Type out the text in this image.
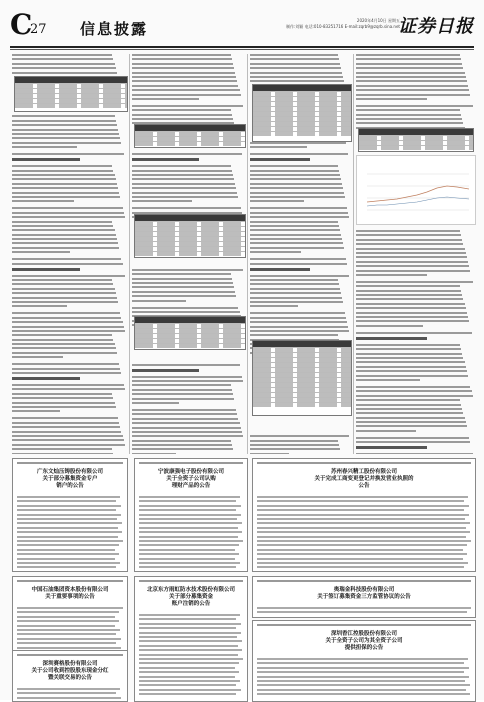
C
27 信息披露	2020年4月10日 星期五
制作:刘颖 电话:010-83251716 E-mail:zqrb9@zqrb.sina.net
证券日报
广东文灿压铸股份有限公司
关于部分募集资金专户
销户的公告
宁波康强电子股份有限公司
关于全资子公司认购
理财产品的公告
苏州春兴精工股份有限公司
关于完成工商变更登记并换发营业执照的
公告
中国石油集团资本股份有限公司
关于重要事项的公告
北京东方雨虹防水技术股份有限公司
关于部分募集资金
账户注销的公告
奥瑞金科技股份有限公司
关于签订募集资金三方监管协议的公告
深圳香江控股股份有限公司
关于全资子公司为其全资子公司
提供担保的公告
深圳赛格股份有限公司
关于公司收到控股股东现金分红
暨关联交易的公告
